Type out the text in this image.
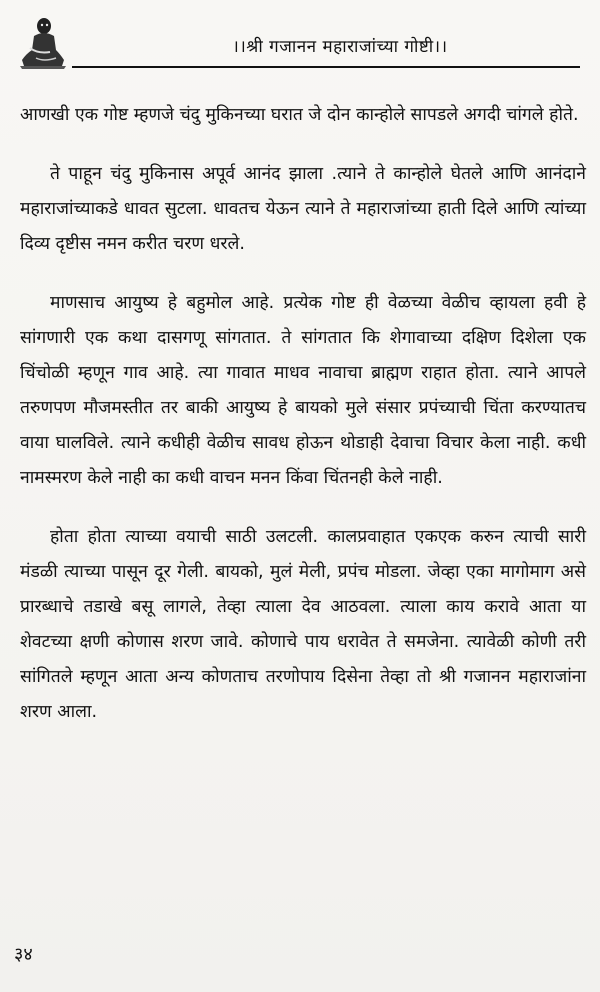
।।श्री गजानन महाराजांच्या गोष्टी।।

आणखी एक गोष्ट म्हणजे चंदु मुकिनच्या घरात जे दोन कान्होले सापडले अगदी चांगले होते.

ते पाहून चंदु मुकिनास अपूर्व आनंद झाला .त्याने ते कान्होले घेतले आणि आनंदाने महाराजांच्याकडे धावत सुटला. धावतच येऊन त्याने ते महाराजांच्या हाती दिले आणि त्यांच्या दिव्य दृष्टीस नमन करीत चरण धरले.

माणसाच आयुष्य हे बहुमोल आहे. प्रत्येक गोष्ट ही वेळच्या वेळीच व्हायला हवी हे सांगणारी एक कथा दासगणू सांगतात. ते सांगतात कि शेगावाच्या दक्षिण दिशेला एक चिंचोळी म्हणून गाव आहे. त्या गावात माधव नावाचा ब्राह्मण राहात होता. त्याने आपले तरुणपण मौजमस्तीत तर बाकी आयुष्य हे बायको मुले संसार प्रपंच्याची चिंता करण्यातच वाया घालविले. त्याने कधीही वेळीच सावध होऊन थोडाही देवाचा विचार केला नाही. कधी नामस्मरण केले नाही का कधी वाचन मनन किंवा चिंतनही केले नाही.

होता होता त्याच्या वयाची साठी उलटली. कालप्रवाहात एकएक करुन त्याची सारी मंडळी त्याच्या पासून दूर गेली. बायको, मुलं मेली, प्रपंच मोडला. जेव्हा एका मागोमाग असे प्रारब्धाचे तडाखे बसू लागले, तेव्हा त्याला देव आठवला. त्याला काय करावे आता या शेवटच्या क्षणी कोणास शरण जावे. कोणाचे पाय धरावेत ते समजेना. त्यावेळी कोणी तरी सांगितले म्हणून आता अन्य कोणताच तरणोपाय दिसेना तेव्हा तो श्री गजानन महाराजांना शरण आला.

३४
